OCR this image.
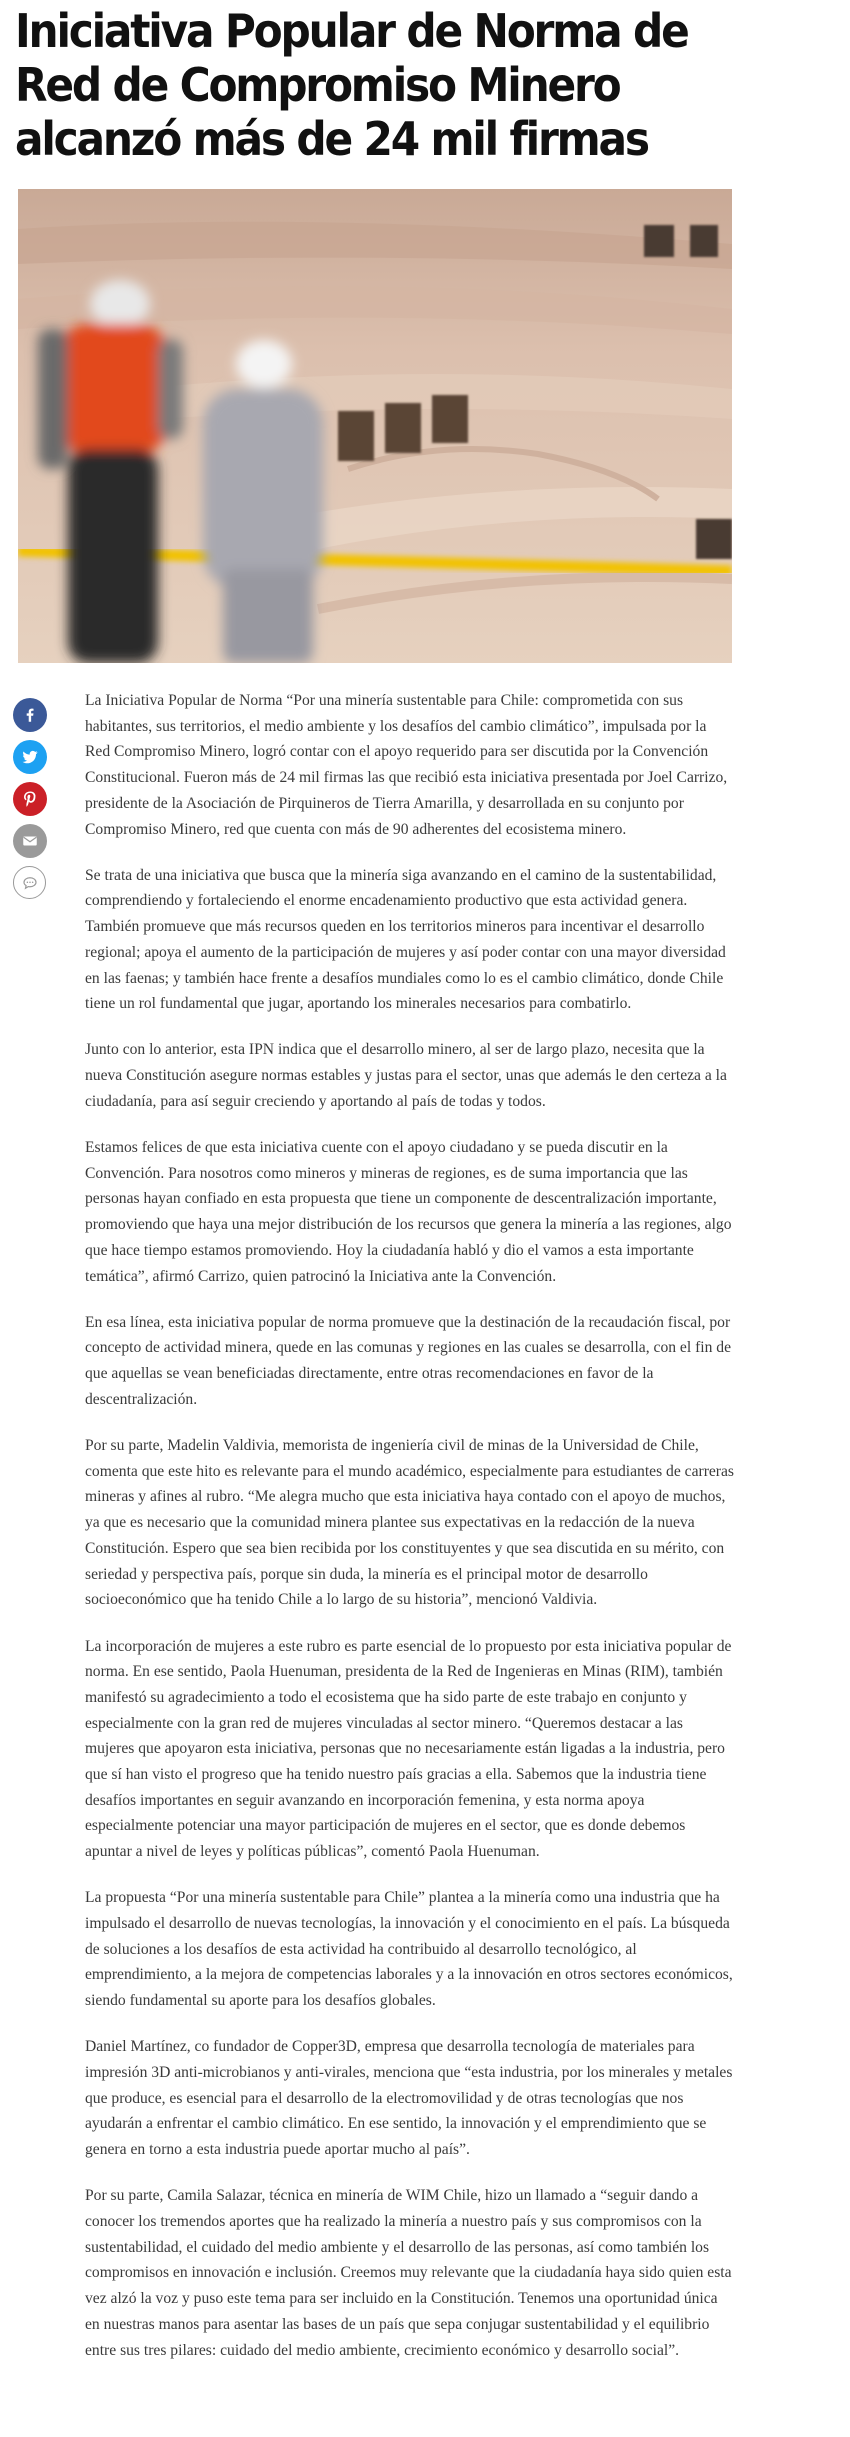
Iniciativa Popular de Norma de Red de Compromiso Minero alcanzó más de 24 mil firmas

La Iniciativa Popular de Norma “Por una minería sustentable para Chile: comprometida con sus habitantes, sus territorios, el medio ambiente y los desafíos del cambio climático”, impulsada por la Red Compromiso Minero, logró contar con el apoyo requerido para ser discutida por la Convención Constitucional. Fueron más de 24 mil firmas las que recibió esta iniciativa presentada por Joel Carrizo, presidente de la Asociación de Pirquineros de Tierra Amarilla, y desarrollada en su conjunto por Compromiso Minero, red que cuenta con más de 90 adherentes del ecosistema minero.

Se trata de una iniciativa que busca que la minería siga avanzando en el camino de la sustentabilidad, comprendiendo y fortaleciendo el enorme encadenamiento productivo que esta actividad genera. También promueve que más recursos queden en los territorios mineros para incentivar el desarrollo regional; apoya el aumento de la participación de mujeres y así poder contar con una mayor diversidad en las faenas; y también hace frente a desafíos mundiales como lo es el cambio climático, donde Chile tiene un rol fundamental que jugar, aportando los minerales necesarios para combatirlo.

Junto con lo anterior, esta IPN indica que el desarrollo minero, al ser de largo plazo, necesita que la nueva Constitución asegure normas estables y justas para el sector, unas que además le den certeza a la ciudadanía, para así seguir creciendo y aportando al país de todas y todos.

Estamos felices de que esta iniciativa cuente con el apoyo ciudadano y se pueda discutir en la Convención. Para nosotros como mineros y mineras de regiones, es de suma importancia que las personas hayan confiado en esta propuesta que tiene un componente de descentralización importante, promoviendo que haya una mejor distribución de los recursos que genera la minería a las regiones, algo que hace tiempo estamos promoviendo. Hoy la ciudadanía habló y dio el vamos a esta importante temática”, afirmó Carrizo, quien patrocinó la Iniciativa ante la Convención.

En esa línea, esta iniciativa popular de norma promueve que la destinación de la recaudación fiscal, por concepto de actividad minera, quede en las comunas y regiones en las cuales se desarrolla, con el fin de que aquellas se vean beneficiadas directamente, entre otras recomendaciones en favor de la descentralización.

Por su parte, Madelin Valdivia, memorista de ingeniería civil de minas de la Universidad de Chile, comenta que este hito es relevante para el mundo académico, especialmente para estudiantes de carreras mineras y afines al rubro. “Me alegra mucho que esta iniciativa haya contado con el apoyo de muchos, ya que es necesario que la comunidad minera plantee sus expectativas en la redacción de la nueva Constitución. Espero que sea bien recibida por los constituyentes y que sea discutida en su mérito, con seriedad y perspectiva país, porque sin duda, la minería es el principal motor de desarrollo socioeconómico que ha tenido Chile a lo largo de su historia”, mencionó Valdivia.

La incorporación de mujeres a este rubro es parte esencial de lo propuesto por esta iniciativa popular de norma. En ese sentido, Paola Huenuman, presidenta de la Red de Ingenieras en Minas (RIM), también manifestó su agradecimiento a todo el ecosistema que ha sido parte de este trabajo en conjunto y especialmente con la gran red de mujeres vinculadas al sector minero. “Queremos destacar a las mujeres que apoyaron esta iniciativa, personas que no necesariamente están ligadas a la industria, pero que sí han visto el progreso que ha tenido nuestro país gracias a ella. Sabemos que la industria tiene desafíos importantes en seguir avanzando en incorporación femenina, y esta norma apoya especialmente potenciar una mayor participación de mujeres en el sector, que es donde debemos apuntar a nivel de leyes y políticas públicas”, comentó Paola Huenuman.

La propuesta “Por una minería sustentable para Chile” plantea a la minería como una industria que ha impulsado el desarrollo de nuevas tecnologías, la innovación y el conocimiento en el país. La búsqueda de soluciones a los desafíos de esta actividad ha contribuido al desarrollo tecnológico, al emprendimiento, a la mejora de competencias laborales y a la innovación en otros sectores económicos, siendo fundamental su aporte para los desafíos globales.

Daniel Martínez, co fundador de Copper3D, empresa que desarrolla tecnología de materiales para impresión 3D anti-microbianos y anti-virales, menciona que “esta industria, por los minerales y metales que produce, es esencial para el desarrollo de la electromovilidad y de otras tecnologías que nos ayudarán a enfrentar el cambio climático. En ese sentido, la innovación y el emprendimiento que se genera en torno a esta industria puede aportar mucho al país”.

Por su parte, Camila Salazar, técnica en minería de WIM Chile, hizo un llamado a “seguir dando a conocer los tremendos aportes que ha realizado la minería a nuestro país y sus compromisos con la sustentabilidad, el cuidado del medio ambiente y el desarrollo de las personas, así como también los compromisos en innovación e inclusión. Creemos muy relevante que la ciudadanía haya sido quien esta vez alzó la voz y puso este tema para ser incluido en la Constitución. Tenemos una oportunidad única en nuestras manos para asentar las bases de un país que sepa conjugar sustentabilidad y el equilibrio entre sus tres pilares: cuidado del medio ambiente, crecimiento económico y desarrollo social”.
